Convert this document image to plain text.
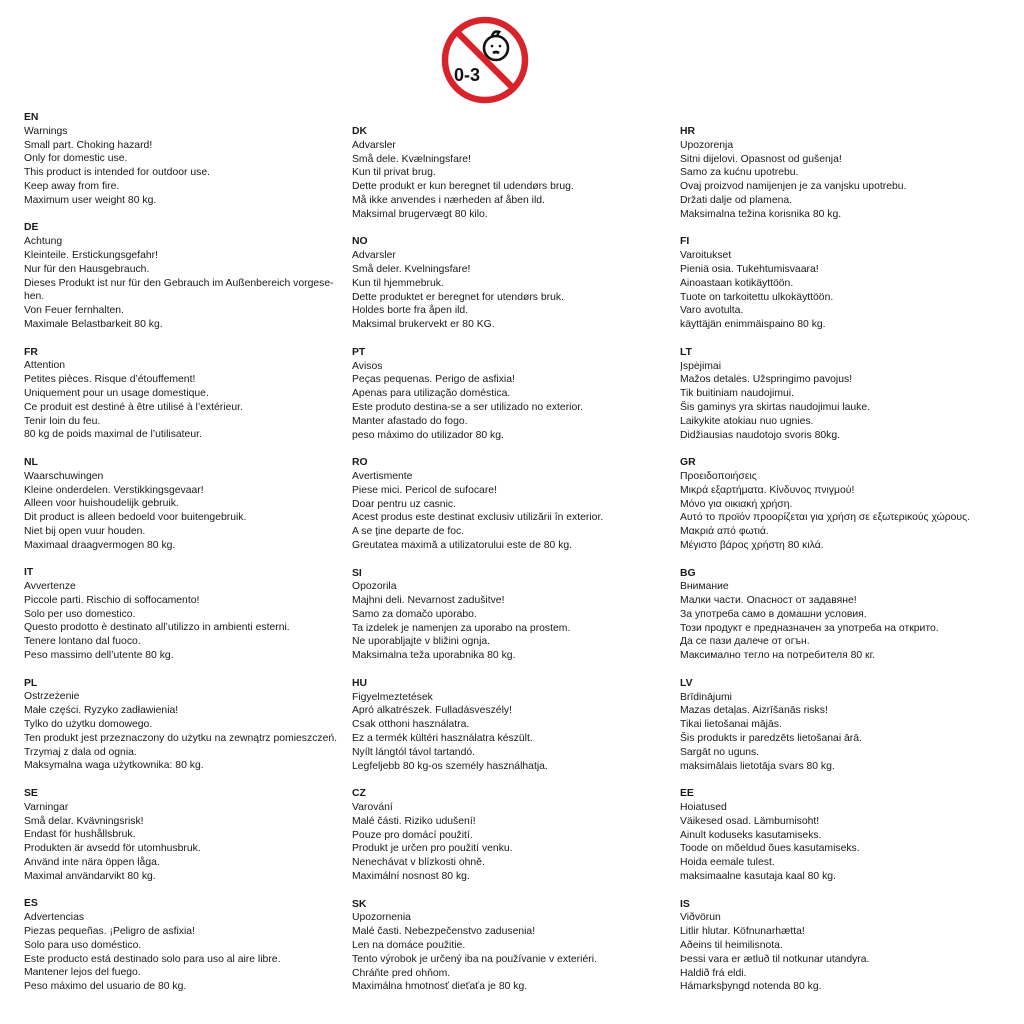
0-3
EN
Warnings
Small part. Choking hazard!
Only for domestic use.
This product is intended for outdoor use.
Keep away from fire.
Maximum user weight 80 kg.
DE
Achtung
Kleinteile. Erstickungsgefahr!
Nur für den Hausgebrauch.
Dieses Produkt ist nur für den Gebrauch im Außenbereich vorgese-hen.
Von Feuer fernhalten.
Maximale Belastbarkeit 80 kg.
FR
Attention
Petites pièces. Risque d’étouffement!
Uniquement pour un usage domestique.
Ce produit est destiné à être utilisé à l’extérieur.
Tenir loin du feu.
80 kg de poids maximal de l’utilisateur.
NL
Waarschuwingen
Kleine onderdelen. Verstikkingsgevaar!
Alleen voor huishoudelijk gebruik.
Dit product is alleen bedoeld voor buitengebruik.
Niet bij open vuur houden.
Maximaal draagvermogen 80 kg.
IT
Avvertenze
Piccole parti. Rischio di soffocamento!
Solo per uso domestico.
Questo prodotto è destinato all’utilizzo in ambienti esterni.
Tenere lontano dal fuoco.
Peso massimo dell’utente 80 kg.
PL
Ostrzeżenie
Małe części. Ryzyko zadławienia!
Tylko do użytku domowego.
Ten produkt jest przeznaczony do użytku na zewnątrz pomieszczeń.
Trzymaj z dala od ognia.
Maksymalna waga użytkownika: 80 kg.
SE
Varningar
Små delar. Kvävningsrisk!
Endast för hushållsbruk.
Produkten är avsedd för utomhusbruk.
Använd inte nära öppen låga.
Maximal användarvikt 80 kg.
ES
Advertencias
Piezas pequeñas. ¡Peligro de asfixia!
Solo para uso doméstico.
Este producto está destinado solo para uso al aire libre.
Mantener lejos del fuego.
Peso máximo del usuario de 80 kg.
DK
Advarsler
Små dele. Kvælningsfare!
Kun til privat brug.
Dette produkt er kun beregnet til udendørs brug.
Må ikke anvendes i nærheden af åben ild.
Maksimal brugervægt 80 kilo.
NO
Advarsler
Små deler. Kvelningsfare!
Kun til hjemmebruk.
Dette produktet er beregnet for utendørs bruk.
Holdes borte fra åpen ild.
Maksimal brukervekt er 80 KG.
PT
Avisos
Peças pequenas. Perigo de asfixia!
Apenas para utilização doméstica.
Este produto destina-se a ser utilizado no exterior.
Manter afastado do fogo.
peso máximo do utilizador 80 kg.
RO
Avertismente
Piese mici. Pericol de sufocare!
Doar pentru uz casnic.
Acest produs este destinat exclusiv utilizării în exterior.
A se ţine departe de foc.
Greutatea maximă a utilizatorului este de 80 kg.
SI
Opozorila
Majhni deli. Nevarnost zadušitve!
Samo za domačo uporabo.
Ta izdelek je namenjen za uporabo na prostem.
Ne uporabljajte v bližini ognja.
Maksimalna teža uporabnika 80 kg.
HU
Figyelmeztetések
Apró alkatrészek. Fulladásveszély!
Csak otthoni használatra.
Ez a termék kültéri használatra készült.
Nyílt lángtól távol tartandó.
Legfeljebb 80 kg-os személy használhatja.
CZ
Varování
Malé části. Riziko udušení!
Pouze pro domácí použití.
Produkt je určen pro použití venku.
Nenechávat v blízkosti ohně.
Maximální nosnost 80 kg.
SK
Upozornenia
Malé časti. Nebezpečenstvo zadusenia!
Len na domáce použitie.
Tento výrobok je určený iba na používanie v exteriéri.
Chráňte pred ohňom.
Maximálna hmotnosť dieťaťa je 80 kg.
HR
Upozorenja
Sitni dijelovi. Opasnost od gušenja!
Samo za kućnu upotrebu.
Ovaj proizvod namijenjen je za vanjsku upotrebu.
Držati dalje od plamena.
Maksimalna težina korisnika 80 kg.
FI
Varoitukset
Pieniä osia. Tukehtumisvaara!
Ainoastaan kotikäyttöön.
Tuote on tarkoitettu ulkokäyttöön.
Varo avotulta.
käyttäjän enimmäispaino 80 kg.
LT
Įspėjimai
Mažos detalės. Užspringimo pavojus!
Tik buitiniam naudojimui.
Šis gaminys yra skirtas naudojimui lauke.
Laikykite atokiau nuo ugnies.
Didžiausias naudotojo svoris 80kg.
GR
Προειδοποιήσεις
Μικρά εξαρτήματα. Κίνδυνος πνιγμού!
Μόνο για οικιακή χρήση.
Αυτό το προϊόν προορίζεται για χρήση σε εξωτερικούς χώρους.
Μακριά από φωτιά.
Μέγιστο βάρος χρήστη 80 κιλά.
BG
Внимание
Малки части. Опасност от задавяне!
За употреба само в домашни условия.
Този продукт е предназначен за употреба на открито.
Да се пази далече от огън.
Максимално тегло на потребителя 80 кг.
LV
Brīdinājumi
Mazas detaļas. Aizrīšanās risks!
Tikai lietošanai mājās.
Šis produkts ir paredzēts lietošanai ārā.
Sargāt no uguns.
maksimālais lietotāja svars 80 kg.
EE
Hoiatused
Väikesed osad. Lämbumisoht!
Ainult koduseks kasutamiseks.
Toode on mõeldud õues kasutamiseks.
Hoida eemale tulest.
maksimaalne kasutaja kaal 80 kg.
IS
Viðvörun
Litlir hlutar. Köfnunarhætta!
Aðeins til heimilisnota.
Þessi vara er ætluð til notkunar utandyra.
Haldið frá eldi.
Hámarksþyngd notenda 80 kg.
